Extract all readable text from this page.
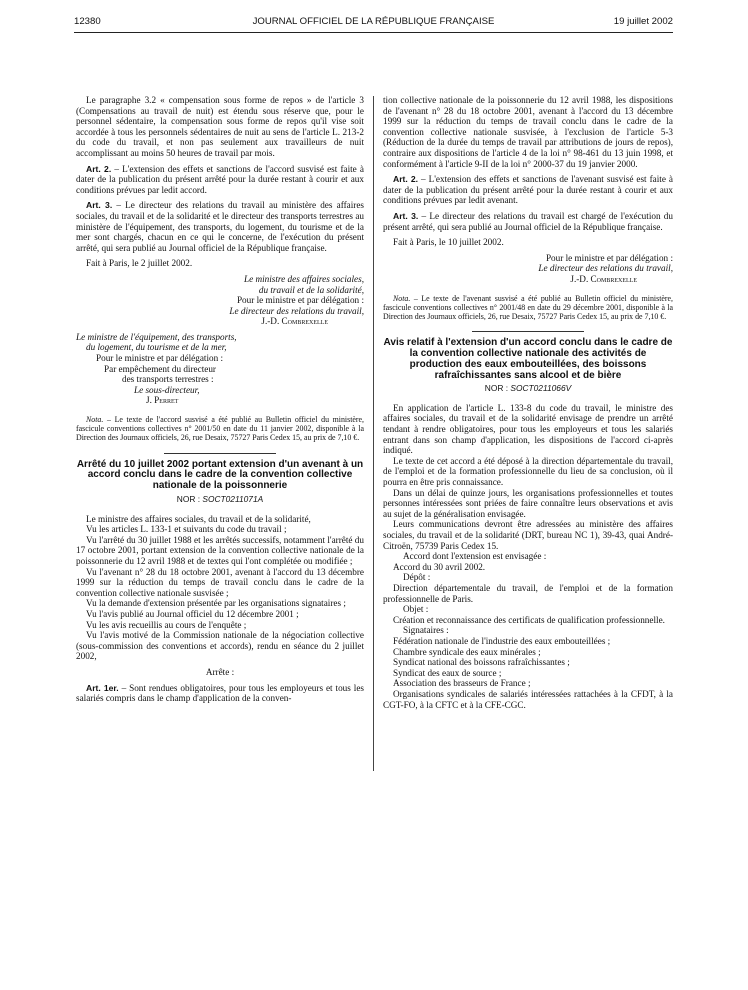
12380	JOURNAL OFFICIEL DE LA RÉPUBLIQUE FRANÇAISE	19 juillet 2002

Le paragraphe 3.2 « compensation sous forme de repos » de l'article 3 (Compensations au travail de nuit) est étendu sous réserve que, pour le personnel sédentaire, la compensation sous forme de repos qu'il vise soit accordée à tous les personnels sédentaires de nuit au sens de l'article L. 213-2 du code du travail, et non pas seulement aux travailleurs de nuit accomplissant au moins 50 heures de travail par mois.

Art. 2. – L'extension des effets et sanctions de l'accord susvisé est faite à dater de la publication du présent arrêté pour la durée restant à courir et aux conditions prévues par ledit accord.

Art. 3. – Le directeur des relations du travail au ministère des affaires sociales, du travail et de la solidarité et le directeur des transports terrestres au ministère de l'équipement, des transports, du logement, du tourisme et de la mer sont chargés, chacun en ce qui le concerne, de l'exécution du présent arrêté, qui sera publié au Journal officiel de la République française.

Fait à Paris, le 2 juillet 2002.

Le ministre des affaires sociales,

du travail et de la solidarité,

Pour le ministre et par délégation :

Le directeur des relations du travail,

J.-D. Combrexelle

Le ministre de l'équipement, des transports,

du logement, du tourisme et de la mer,

Pour le ministre et par délégation :

Par empêchement du directeur

des transports terrestres :

Le sous-directeur,

J. Perret

Nota. – Le texte de l'accord susvisé a été publié au Bulletin officiel du ministère, fascicule conventions collectives n° 2001/50 en date du 11 janvier 2002, disponible à la Direction des Journaux officiels, 26, rue Desaix, 75727 Paris Cedex 15, au prix de 7,10 €.

Arrêté du 10 juillet 2002 portant extension d'un avenant à un accord conclu dans le cadre de la convention collective nationale de la poissonnerie

NOR : SOCT0211071A

Le ministre des affaires sociales, du travail et de la solidarité,

Vu les articles L. 133-1 et suivants du code du travail ;

Vu l'arrêté du 30 juillet 1988 et les arrêtés successifs, notamment l'arrêté du 17 octobre 2001, portant extension de la convention collective nationale de la poissonnerie du 12 avril 1988 et de textes qui l'ont complétée ou modifiée ;

Vu l'avenant n° 28 du 18 octobre 2001, avenant à l'accord du 13 décembre 1999 sur la réduction du temps de travail conclu dans le cadre de la convention collective nationale susvisée ;

Vu la demande d'extension présentée par les organisations signataires ;

Vu l'avis publié au Journal officiel du 12 décembre 2001 ;

Vu les avis recueillis au cours de l'enquête ;

Vu l'avis motivé de la Commission nationale de la négociation collective (sous-commission des conventions et accords), rendu en séance du 2 juillet 2002,

Arrête :

Art. 1er. – Sont rendues obligatoires, pour tous les employeurs et tous les salariés compris dans le champ d'application de la conven-

tion collective nationale de la poissonnerie du 12 avril 1988, les dispositions de l'avenant n° 28 du 18 octobre 2001, avenant à l'accord du 13 décembre 1999 sur la réduction du temps de travail conclu dans le cadre de la convention collective nationale susvisée, à l'exclusion de l'article 5-3 (Réduction de la durée du temps de travail par attributions de jours de repos), contraire aux dispositions de l'article 4 de la loi n° 98-461 du 13 juin 1998, et conformément à l'article 9-II de la loi n° 2000-37 du 19 janvier 2000.

Art. 2. – L'extension des effets et sanctions de l'avenant susvisé est faite à dater de la publication du présent arrêté pour la durée restant à courir et aux conditions prévues par ledit avenant.

Art. 3. – Le directeur des relations du travail est chargé de l'exécution du présent arrêté, qui sera publié au Journal officiel de la République française.

Fait à Paris, le 10 juillet 2002.

Pour le ministre et par délégation :

Le directeur des relations du travail,

J.-D. Combrexelle

Nota. – Le texte de l'avenant susvisé a été publié au Bulletin officiel du ministère, fascicule conventions collectives n° 2001/48 en date du 29 décembre 2001, disponible à la Direction des Journaux officiels, 26, rue Desaix, 75727 Paris Cedex 15, au prix de 7,10 €.

Avis relatif à l'extension d'un accord conclu dans le cadre de la convention collective nationale des activités de production des eaux embouteillées, des boissons rafraîchissantes sans alcool et de bière

NOR : SOCT0211066V

En application de l'article L. 133-8 du code du travail, le ministre des affaires sociales, du travail et de la solidarité envisage de prendre un arrêté tendant à rendre obligatoires, pour tous les employeurs et tous les salariés entrant dans son champ d'application, les dispositions de l'accord ci-après indiqué.

Le texte de cet accord a été déposé à la direction départementale du travail, de l'emploi et de la formation professionnelle du lieu de sa conclusion, où il pourra en être pris connaissance.

Dans un délai de quinze jours, les organisations professionnelles et toutes personnes intéressées sont priées de faire connaître leurs observations et avis au sujet de la généralisation envisagée.

Leurs communications devront être adressées au ministère des affaires sociales, du travail et de la solidarité (DRT, bureau NC 1), 39-43, quai André-Citroën, 75739 Paris Cedex 15.

Accord dont l'extension est envisagée :

Accord du 30 avril 2002.

Dépôt :

Direction départementale du travail, de l'emploi et de la formation professionnelle de Paris.

Objet :

Création et reconnaissance des certificats de qualification professionnelle.

Signataires :

Fédération nationale de l'industrie des eaux embouteillées ;

Chambre syndicale des eaux minérales ;

Syndicat national des boissons rafraîchissantes ;

Syndicat des eaux de source ;

Association des brasseurs de France ;

Organisations syndicales de salariés intéressées rattachées à la CFDT, à la CGT-FO, à la CFTC et à la CFE-CGC.
